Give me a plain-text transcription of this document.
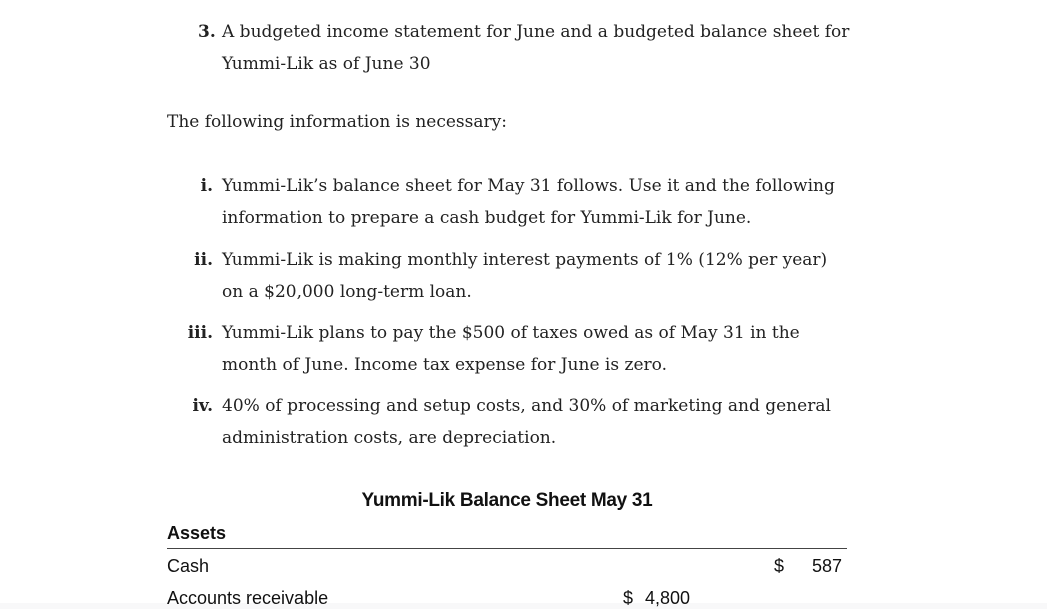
3. A budgeted income statement for June and a budgeted balance sheet for
Yummi-Lik as of June 30
The following information is necessary:
i. Yummi-Lik’s balance sheet for May 31 follows. Use it and the following
information to prepare a cash budget for Yummi-Lik for June.
ii. Yummi-Lik is making monthly interest payments of 1% (12% per year)
on a $20,000 long-term loan.
iii. Yummi-Lik plans to pay the $500 of taxes owed as of May 31 in the
month of June. Income tax expense for June is zero.
iv. 40% of processing and setup costs, and 30% of marketing and general
administration costs, are depreciation.
Yummi-Lik Balance Sheet May 31
Assets
Cash	$	587
Accounts receivable	$ 4,800
